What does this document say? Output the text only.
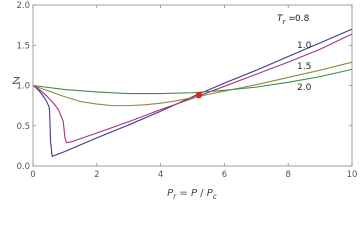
0	2	4	6	8	10
0.0
0.5
1.0
1.5
2.0
Z
$P_r = P / P_c$
$T_r$ =
0.8
1.0
1.5
2.0
